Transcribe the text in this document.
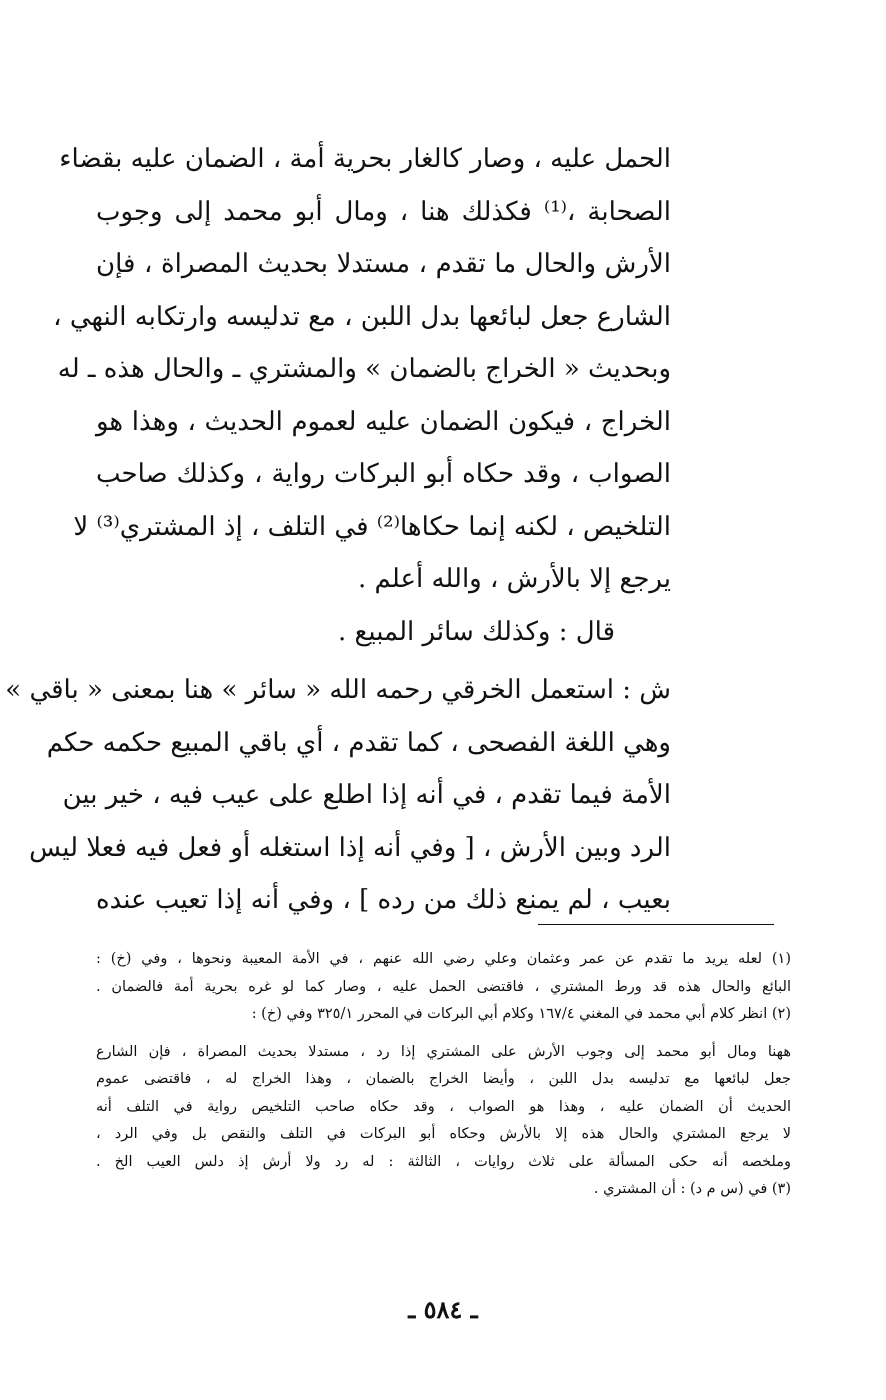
الحمل عليه ، وصار كالغار بحرية أمة ، الضمان عليه بقضاء
الصحابة ،⁽¹⁾ فكذلك هنا ، ومال أبو محمد إلى وجوب
الأرش والحال ما تقدم ، مستدلا بحديث المصراة ، فإن
الشارع جعل لبائعها بدل اللبن ، مع تدليسه وارتكابه النهي ،
وبحديث « الخراج بالضمان » والمشتري ـ والحال هذه ـ له
الخراج ، فيكون الضمان عليه لعموم الحديث ، وهذا هو
الصواب ، وقد حكاه أبو البركات رواية ، وكذلك صاحب
التلخيص ، لكنه إنما حكاها⁽²⁾ في التلف ، إذ المشتري⁽³⁾ لا
يرجع إلا بالأرش ، والله أعلم .
قال : وكذلك سائر المبيع .
ش : استعمل الخرقي رحمه الله « سائر » هنا بمعنى « باقي »
وهي اللغة الفصحى ، كما تقدم ، أي باقي المبيع حكمه حكم
الأمة فيما تقدم ، في أنه إذا اطلع على عيب فيه ، خير بين
الرد وبين الأرش ، [ وفي أنه إذا استغله أو فعل فيه فعلا ليس
بعيب ، لم يمنع ذلك من رده ] ، وفي أنه إذا تعيب عنده
(١) لعله يريد ما تقدم عن عمر وعثمان وعلي رضي الله عنهم ، في الأمة المعيبة ونحوها ، وفي (خ) :
البائع والحال هذه قد ورط المشتري ، فاقتضى الحمل عليه ، وصار كما لو غره بحرية أمة فالضمان .
(٢) انظر كلام أبي محمد في المغني ١٦٧/٤ وكلام أبي البركات في المحرر ٣٢٥/١ وفي (خ) :
ههنا ومال أبو محمد إلى وجوب الأرش على المشتري إذا رد ، مستدلا بحديث المصراة ، فإن الشارع
جعل لبائعها مع تدليسه بدل اللبن ، وأيضا الخراج بالضمان ، وهذا الخراج له ، فاقتضى عموم
الحديث أن الضمان عليه ، وهذا هو الصواب ، وقد حكاه صاحب التلخيص رواية في التلف أنه
لا يرجع المشتري والحال هذه إلا بالأرش وحكاه أبو البركات في التلف والنقص بل وفي الرد ،
وملخصه أنه حكى المسألة على ثلاث روايات ، الثالثة : له رد ولا أرش إذ دلس العيب الخ .
(٣) في (س م د) : أن المشتري .
ـ ٥٨٤ ـ
